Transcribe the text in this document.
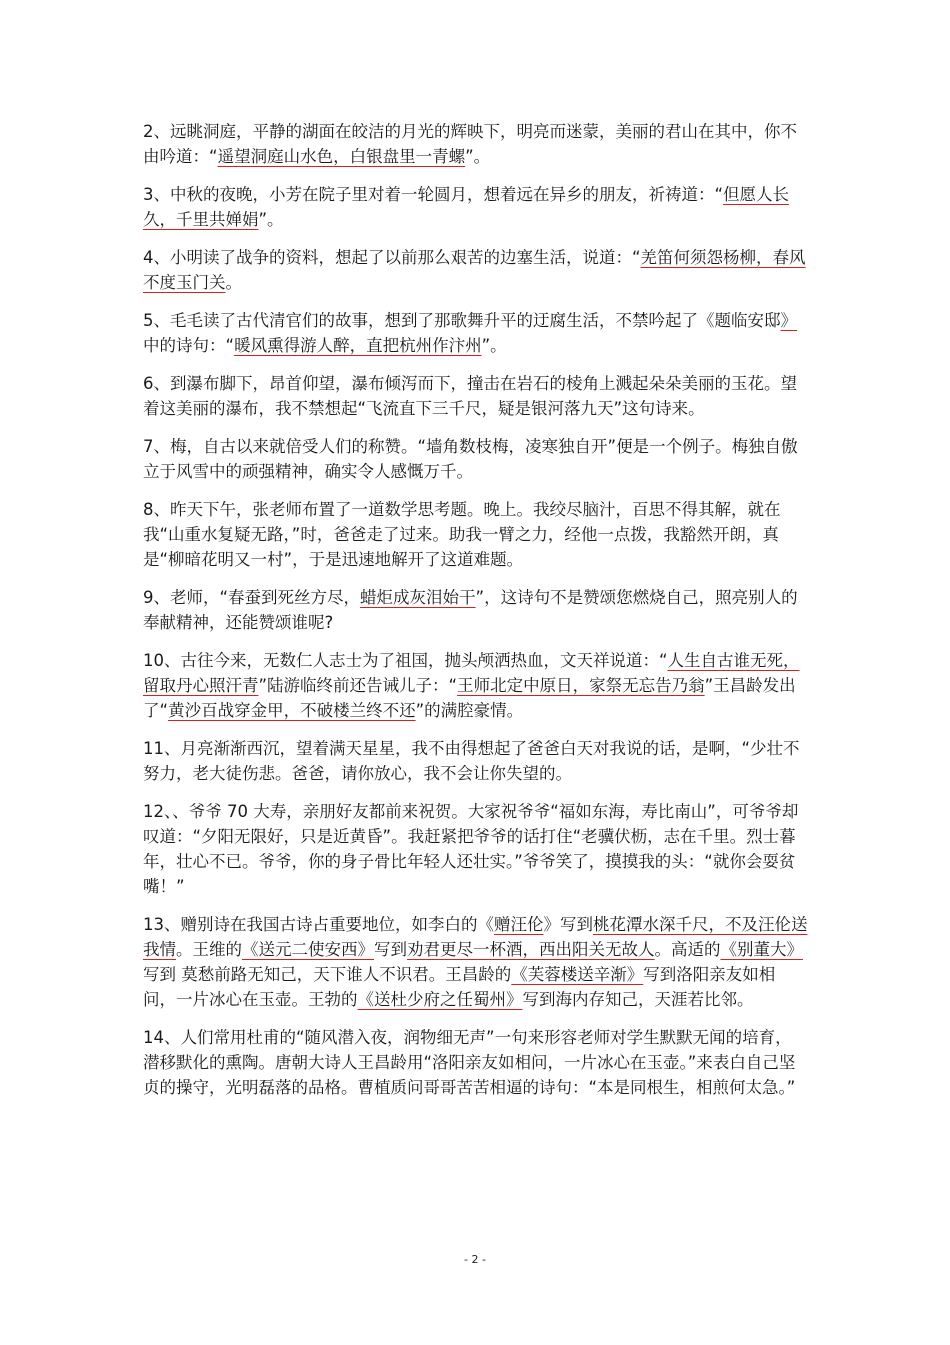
2、远眺洞庭，平静的湖面在皎洁的月光的辉映下，明亮而迷蒙，美丽的君山在其中，你不由吟道：“遥望洞庭山水色，白银盘里一青螺”。

3、中秋的夜晚，小芳在院子里对着一轮圆月，想着远在异乡的朋友，祈祷道：“但愿人长久，千里共婵娟”。

4、小明读了战争的资料，想起了以前那么艰苦的边塞生活，说道：“羌笛何须怨杨柳，春风不度玉门关。

5、毛毛读了古代清官们的故事，想到了那歌舞升平的迂腐生活，不禁吟起了《题临安邸》中的诗句：“暖风熏得游人醉，直把杭州作汴州”。

6、到瀑布脚下，昂首仰望，瀑布倾泻而下，撞击在岩石的棱角上溅起朵朵美丽的玉花。望着这美丽的瀑布，我不禁想起“飞流直下三千尺，疑是银河落九天”这句诗来。

7、梅，自古以来就倍受人们的称赞。“墙角数枝梅，凌寒独自开”便是一个例子。梅独自傲立于风雪中的顽强精神，确实令人感慨万千。

8、昨天下午，张老师布置了一道数学思考题。晚上。我绞尽脑汁，百思不得其解，就在我“山重水复疑无路，”时，爸爸走了过来。助我一臂之力，经他一点拨，我豁然开朗，真是“柳暗花明又一村”，于是迅速地解开了这道难题。

9、老师，“春蚕到死丝方尽，蜡炬成灰泪始干”，这诗句不是赞颂您燃烧自己，照亮别人的奉献精神，还能赞颂谁呢?

10、古往今来，无数仁人志士为了祖国，抛头颅洒热血，文天祥说道：“人生自古谁无死，留取丹心照汗青”陆游临终前还告诫儿子：“王师北定中原日，家祭无忘告乃翁”王昌龄发出了“黄沙百战穿金甲，不破楼兰终不还”的满腔豪情。

11、月亮渐渐西沉，望着满天星星，我不由得想起了爸爸白天对我说的话，是啊，“少壮不努力，老大徒伤悲。爸爸，请你放心，我不会让你失望的。

12、、爷爷 70 大寿，亲朋好友都前来祝贺。大家祝爷爷“福如东海，寿比南山”，可爷爷却叹道：“夕阳无限好，只是近黄昏”。我赶紧把爷爷的话打住“老骥伏枥，志在千里。烈士暮年，壮心不已。爷爷，你的身子骨比年轻人还壮实。”爷爷笑了，摸摸我的头：“就你会耍贫嘴！”

13、赠别诗在我国古诗占重要地位，如李白的《赠汪伦》写到桃花潭水深千尺，不及汪伦送我情。王维的《送元二使安西》写到劝君更尽一杯酒，西出阳关无故人。高适的《别董大》写到 莫愁前路无知己，天下谁人不识君。王昌龄的《芙蓉楼送辛渐》写到洛阳亲友如相问，一片冰心在玉壶。王勃的《送杜少府之任蜀州》写到海内存知己，天涯若比邻。

14、人们常用杜甫的“随风潜入夜，润物细无声”一句来形容老师对学生默默无闻的培育，潜移默化的熏陶。唐朝大诗人王昌龄用“洛阳亲友如相问，一片冰心在玉壶。”来表白自己坚贞的操守，光明磊落的品格。曹植质问哥哥苦苦相逼的诗句：“本是同根生，相煎何太急。”

- 2 -
